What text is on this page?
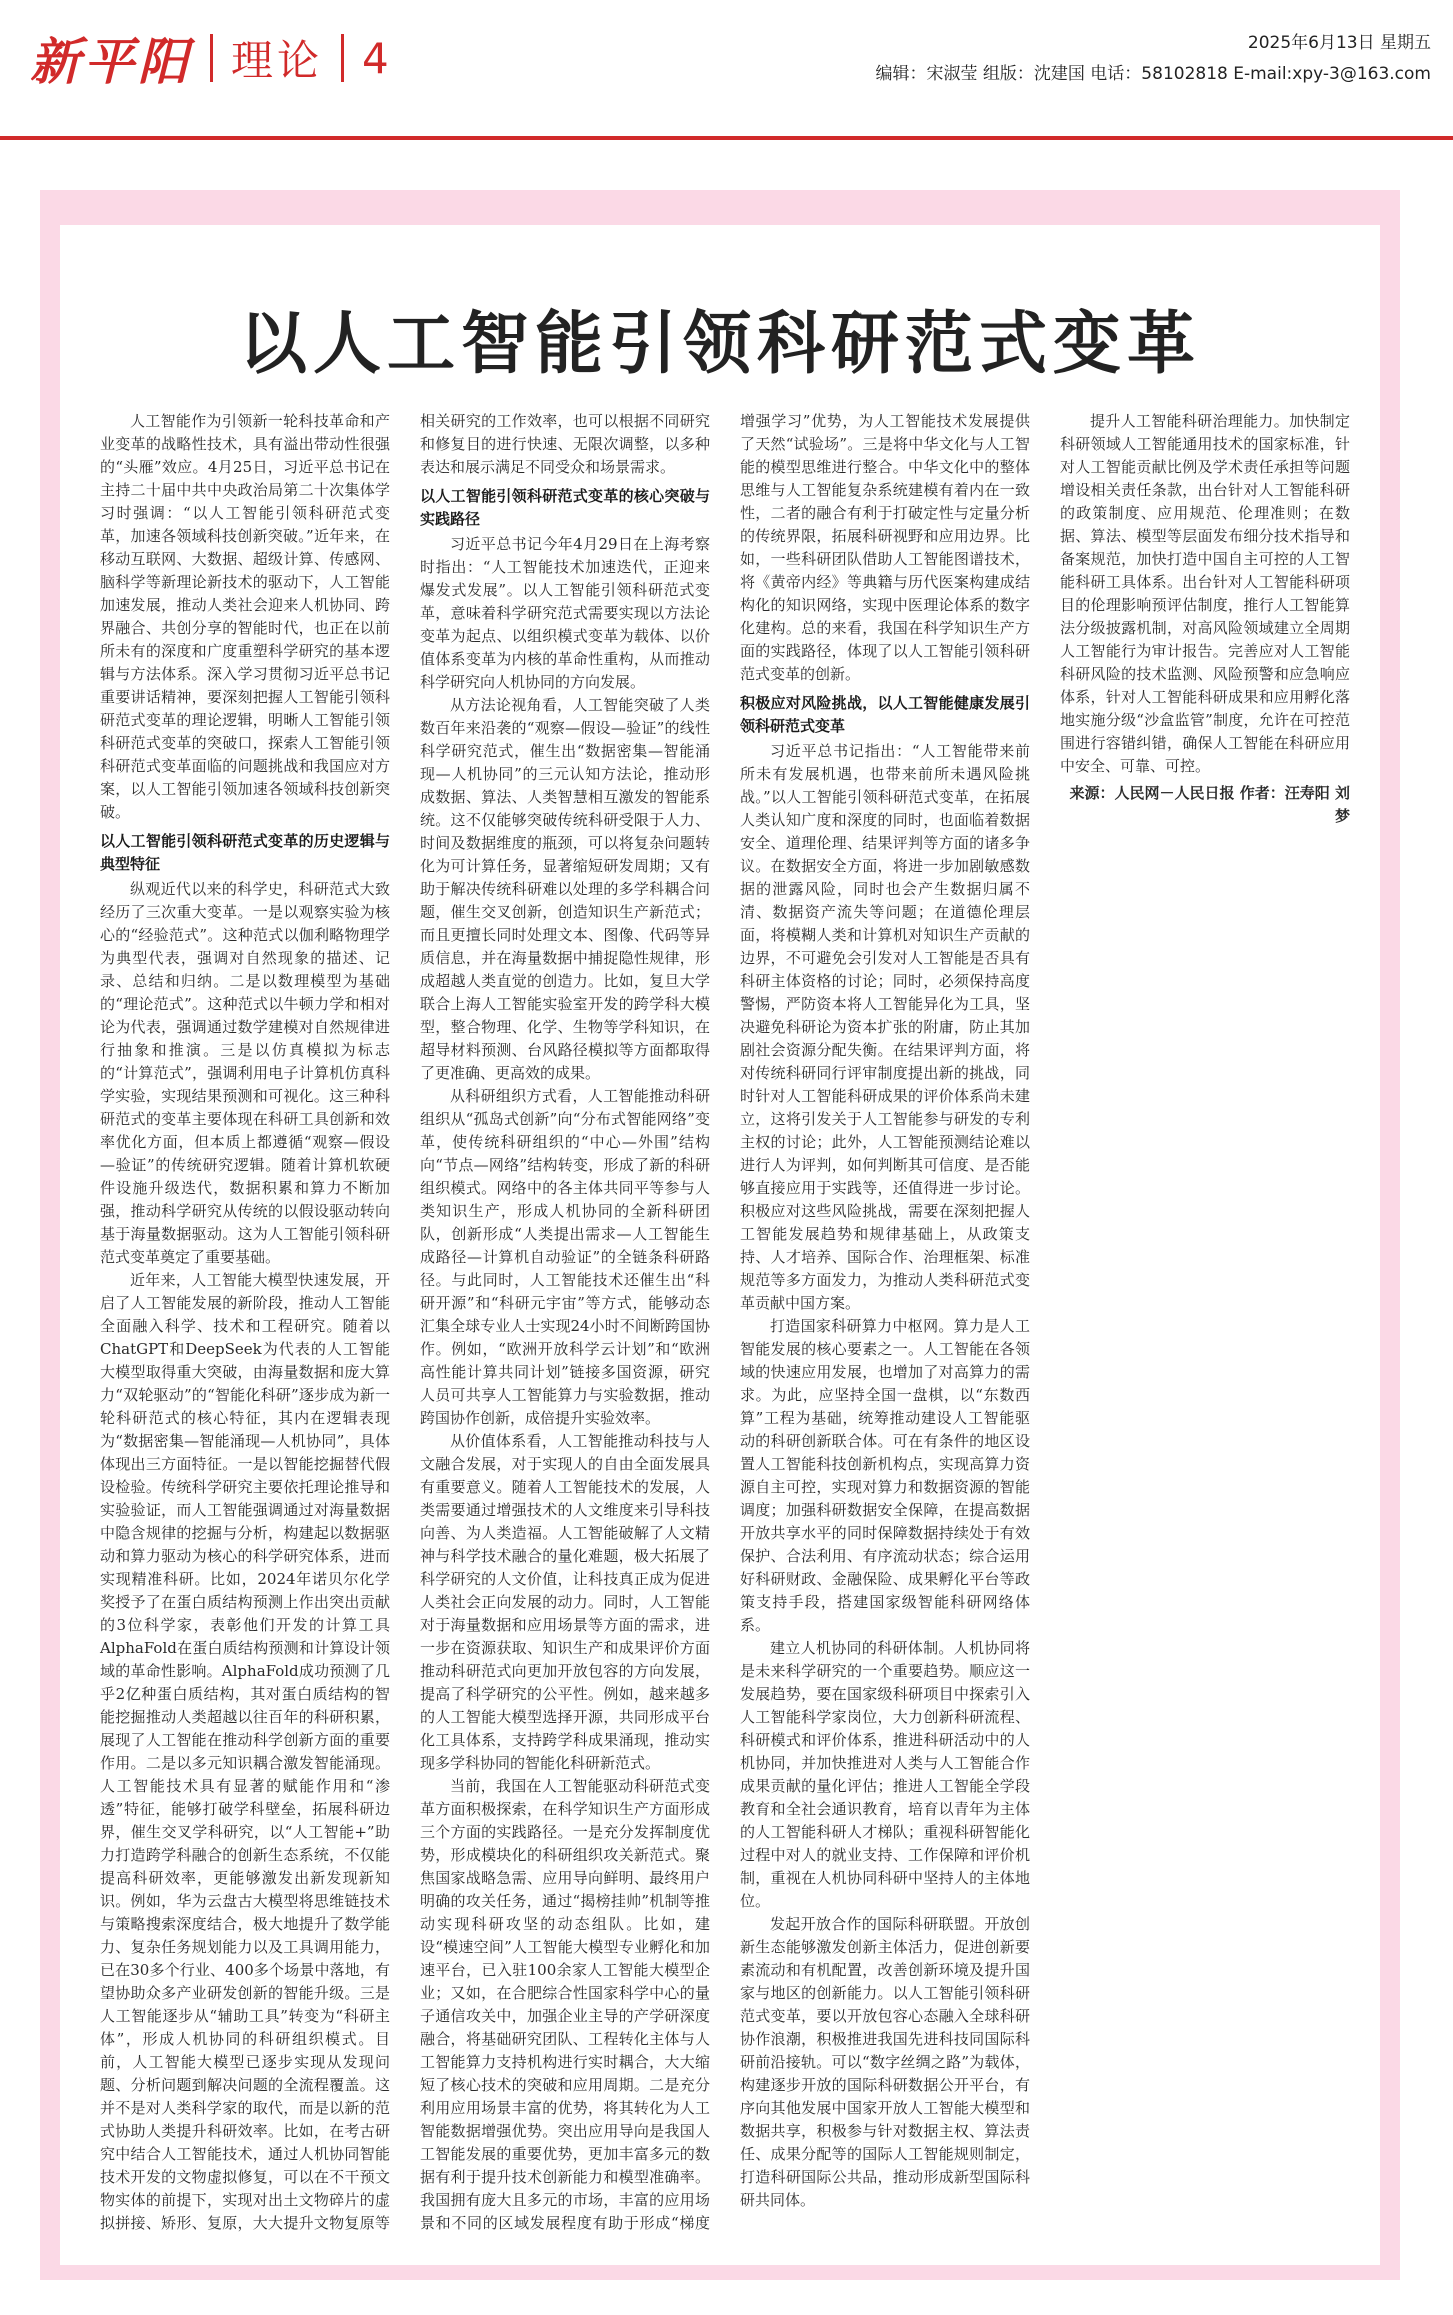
新平阳 理论 4	2025年6月13日 星期五
编辑：宋淑莹 组版：沈建国 电话：58102818 E-mail:xpy-3@163.com
以人工智能引领科研范式变革

人工智能作为引领新一轮科技革命和产业变革的战略性技术，具有溢出带动性很强的“头雁”效应。4月25日，习近平总书记在主持二十届中共中央政治局第二十次集体学习时强调：“以人工智能引领科研范式变革，加速各领域科技创新突破。”近年来，在移动互联网、大数据、超级计算、传感网、脑科学等新理论新技术的驱动下，人工智能加速发展，推动人类社会迎来人机协同、跨界融合、共创分享的智能时代，也正在以前所未有的深度和广度重塑科学研究的基本逻辑与方法体系。深入学习贯彻习近平总书记重要讲话精神，要深刻把握人工智能引领科研范式变革的理论逻辑，明晰人工智能引领科研范式变革的突破口，探索人工智能引领科研范式变革面临的问题挑战和我国应对方案，以人工智能引领加速各领域科技创新突破。

以人工智能引领科研范式变革的历史逻辑与典型特征

纵观近代以来的科学史，科研范式大致经历了三次重大变革。一是以观察实验为核心的“经验范式”。这种范式以伽利略物理学为典型代表，强调对自然现象的描述、记录、总结和归纳。二是以数理模型为基础的“理论范式”。这种范式以牛顿力学和相对论为代表，强调通过数学建模对自然规律进行抽象和推演。三是以仿真模拟为标志的“计算范式”，强调利用电子计算机仿真科学实验，实现结果预测和可视化。这三种科研范式的变革主要体现在科研工具创新和效率优化方面，但本质上都遵循“观察—假设—验证”的传统研究逻辑。随着计算机软硬件设施升级迭代，数据积累和算力不断加强，推动科学研究从传统的以假设驱动转向基于海量数据驱动。这为人工智能引领科研范式变革奠定了重要基础。

近年来，人工智能大模型快速发展，开启了人工智能发展的新阶段，推动人工智能全面融入科学、技术和工程研究。随着以ChatGPT和DeepSeek为代表的人工智能大模型取得重大突破，由海量数据和庞大算力“双轮驱动”的“智能化科研”逐步成为新一轮科研范式的核心特征，其内在逻辑表现为“数据密集—智能涌现—人机协同”，具体体现出三方面特征。一是以智能挖掘替代假设检验。传统科学研究主要依托理论推导和实验验证，而人工智能强调通过对海量数据中隐含规律的挖掘与分析，构建起以数据驱动和算力驱动为核心的科学研究体系，进而实现精准科研。比如，2024年诺贝尔化学奖授予了在蛋白质结构预测上作出突出贡献的3位科学家，表彰他们开发的计算工具AlphaFold在蛋白质结构预测和计算设计领域的革命性影响。AlphaFold成功预测了几乎2亿种蛋白质结构，其对蛋白质结构的智能挖掘推动人类超越以往百年的科研积累，展现了人工智能在推动科学创新方面的重要作用。二是以多元知识耦合激发智能涌现。人工智能技术具有显著的赋能作用和“渗透”特征，能够打破学科壁垒，拓展科研边界，催生交叉学科研究，以“人工智能+”助力打造跨学科融合的创新生态系统，不仅能提高科研效率，更能够激发出新发现新知识。例如，华为云盘古大模型将思维链技术与策略搜索深度结合，极大地提升了数学能力、复杂任务规划能力以及工具调用能力，已在30多个行业、400多个场景中落地，有望协助众多产业研发创新的智能升级。三是人工智能逐步从“辅助工具”转变为“科研主体”，形成人机协同的科研组织模式。目前，人工智能大模型已逐步实现从发现问题、分析问题到解决问题的全流程覆盖。这并不是对人类科学家的取代，而是以新的范式协助人类提升科研效率。比如，在考古研究中结合人工智能技术，通过人机协同智能技术开发的文物虚拟修复，可以在不干预文物实体的前提下，实现对出土文物碎片的虚拟拼接、矫形、复原，大大提升文物复原等相关研究的工作效率，也可以根据不同研究和修复目的进行快速、无限次调整，以多种表达和展示满足不同受众和场景需求。

以人工智能引领科研范式变革的核心突破与实践路径

习近平总书记今年4月29日在上海考察时指出：“人工智能技术加速迭代，正迎来爆发式发展”。以人工智能引领科研范式变革，意味着科学研究范式需要实现以方法论变革为起点、以组织模式变革为载体、以价值体系变革为内核的革命性重构，从而推动科学研究向人机协同的方向发展。

从方法论视角看，人工智能突破了人类数百年来沿袭的“观察—假设—验证”的线性科学研究范式，催生出“数据密集—智能涌现—人机协同”的三元认知方法论，推动形成数据、算法、人类智慧相互激发的智能系统。这不仅能够突破传统科研受限于人力、时间及数据维度的瓶颈，可以将复杂问题转化为可计算任务，显著缩短研发周期；又有助于解决传统科研难以处理的多学科耦合问题，催生交叉创新，创造知识生产新范式；而且更擅长同时处理文本、图像、代码等异质信息，并在海量数据中捕捉隐性规律，形成超越人类直觉的创造力。比如，复旦大学联合上海人工智能实验室开发的跨学科大模型，整合物理、化学、生物等学科知识，在超导材料预测、台风路径模拟等方面都取得了更准确、更高效的成果。

从科研组织方式看，人工智能推动科研组织从“孤岛式创新”向“分布式智能网络”变革，使传统科研组织的“中心—外围”结构向“节点—网络”结构转变，形成了新的科研组织模式。网络中的各主体共同平等参与人类知识生产，形成人机协同的全新科研团队，创新形成“人类提出需求—人工智能生成路径—计算机自动验证”的全链条科研路径。与此同时，人工智能技术还催生出“科研开源”和“科研元宇宙”等方式，能够动态汇集全球专业人士实现24小时不间断跨国协作。例如，“欧洲开放科学云计划”和“欧洲高性能计算共同计划”链接多国资源，研究人员可共享人工智能算力与实验数据，推动跨国协作创新，成倍提升实验效率。

从价值体系看，人工智能推动科技与人文融合发展，对于实现人的自由全面发展具有重要意义。随着人工智能技术的发展，人类需要通过增强技术的人文维度来引导科技向善、为人类造福。人工智能破解了人文精神与科学技术融合的量化难题，极大拓展了科学研究的人文价值，让科技真正成为促进人类社会正向发展的动力。同时，人工智能对于海量数据和应用场景等方面的需求，进一步在资源获取、知识生产和成果评价方面推动科研范式向更加开放包容的方向发展，提高了科学研究的公平性。例如，越来越多的人工智能大模型选择开源，共同形成平台化工具体系，支持跨学科成果涌现，推动实现多学科协同的智能化科研新范式。

当前，我国在人工智能驱动科研范式变革方面积极探索，在科学知识生产方面形成三个方面的实践路径。一是充分发挥制度优势，形成模块化的科研组织攻关新范式。聚焦国家战略急需、应用导向鲜明、最终用户明确的攻关任务，通过“揭榜挂帅”机制等推动实现科研攻坚的动态组队。比如，建设“模速空间”人工智能大模型专业孵化和加速平台，已入驻100余家人工智能大模型企业；又如，在合肥综合性国家科学中心的量子通信攻关中，加强企业主导的产学研深度融合，将基础研究团队、工程转化主体与人工智能算力支持机构进行实时耦合，大大缩短了核心技术的突破和应用周期。二是充分利用应用场景丰富的优势，将其转化为人工智能数据增强优势。突出应用导向是我国人工智能发展的重要优势，更加丰富多元的数据有利于提升技术创新能力和模型准确率。我国拥有庞大且多元的市场，丰富的应用场景和不同的区域发展程度有助于形成“梯度增强学习”优势，为人工智能技术发展提供了天然“试验场”。三是将中华文化与人工智能的模型思维进行整合。中华文化中的整体思维与人工智能复杂系统建模有着内在一致性，二者的融合有利于打破定性与定量分析的传统界限，拓展科研视野和应用边界。比如，一些科研团队借助人工智能图谱技术，将《黄帝内经》等典籍与历代医案构建成结构化的知识网络，实现中医理论体系的数字化建构。总的来看，我国在科学知识生产方面的实践路径，体现了以人工智能引领科研范式变革的创新。

积极应对风险挑战，以人工智能健康发展引领科研范式变革

习近平总书记指出：“人工智能带来前所未有发展机遇，也带来前所未遇风险挑战。”以人工智能引领科研范式变革，在拓展人类认知广度和深度的同时，也面临着数据安全、道理伦理、结果评判等方面的诸多争议。在数据安全方面，将进一步加剧敏感数据的泄露风险，同时也会产生数据归属不清、数据资产流失等问题；在道德伦理层面，将模糊人类和计算机对知识生产贡献的边界，不可避免会引发对人工智能是否具有科研主体资格的讨论；同时，必须保持高度警惕，严防资本将人工智能异化为工具，坚决避免科研论为资本扩张的附庸，防止其加剧社会资源分配失衡。在结果评判方面，将对传统科研同行评审制度提出新的挑战，同时针对人工智能科研成果的评价体系尚未建立，这将引发关于人工智能参与研发的专利主权的讨论；此外，人工智能预测结论难以进行人为评判，如何判断其可信度、是否能够直接应用于实践等，还值得进一步讨论。积极应对这些风险挑战，需要在深刻把握人工智能发展趋势和规律基础上，从政策支持、人才培养、国际合作、治理框架、标准规范等多方面发力，为推动人类科研范式变革贡献中国方案。

打造国家科研算力中枢网。算力是人工智能发展的核心要素之一。人工智能在各领域的快速应用发展，也增加了对高算力的需求。为此，应坚持全国一盘棋，以“东数西算”工程为基础，统筹推动建设人工智能驱动的科研创新联合体。可在有条件的地区设置人工智能科技创新机构点，实现高算力资源自主可控，实现对算力和数据资源的智能调度；加强科研数据安全保障，在提高数据开放共享水平的同时保障数据持续处于有效保护、合法利用、有序流动状态；综合运用好科研财政、金融保险、成果孵化平台等政策支持手段，搭建国家级智能科研网络体系。

建立人机协同的科研体制。人机协同将是未来科学研究的一个重要趋势。顺应这一发展趋势，要在国家级科研项目中探索引入人工智能科学家岗位，大力创新科研流程、科研模式和评价体系，推进科研活动中的人机协同，并加快推进对人类与人工智能合作成果贡献的量化评估；推进人工智能全学段教育和全社会通识教育，培育以青年为主体的人工智能科研人才梯队；重视科研智能化过程中对人的就业支持、工作保障和评价机制，重视在人机协同科研中坚持人的主体地位。

发起开放合作的国际科研联盟。开放创新生态能够激发创新主体活力，促进创新要素流动和有机配置，改善创新环境及提升国家与地区的创新能力。以人工智能引领科研范式变革，要以开放包容心态融入全球科研协作浪潮，积极推进我国先进科技同国际科研前沿接轨。可以“数字丝绸之路”为载体，构建逐步开放的国际科研数据公开平台，有序向其他发展中国家开放人工智能大模型和数据共享，积极参与针对数据主权、算法责任、成果分配等的国际人工智能规则制定，打造科研国际公共品，推动形成新型国际科研共同体。

提升人工智能科研治理能力。加快制定科研领域人工智能通用技术的国家标准，针对人工智能贡献比例及学术责任承担等问题增设相关责任条款，出台针对人工智能科研的政策制度、应用规范、伦理准则；在数据、算法、模型等层面发布细分技术指导和备案规范，加快打造中国自主可控的人工智能科研工具体系。出台针对人工智能科研项目的伦理影响预评估制度，推行人工智能算法分级披露机制，对高风险领域建立全周期人工智能行为审计报告。完善应对人工智能科研风险的技术监测、风险预警和应急响应体系，针对人工智能科研成果和应用孵化落地实施分级“沙盒监管”制度，允许在可控范围进行容错纠错，确保人工智能在科研应用中安全、可靠、可控。

来源：人民网－人民日报 作者：汪寿阳 刘 梦
